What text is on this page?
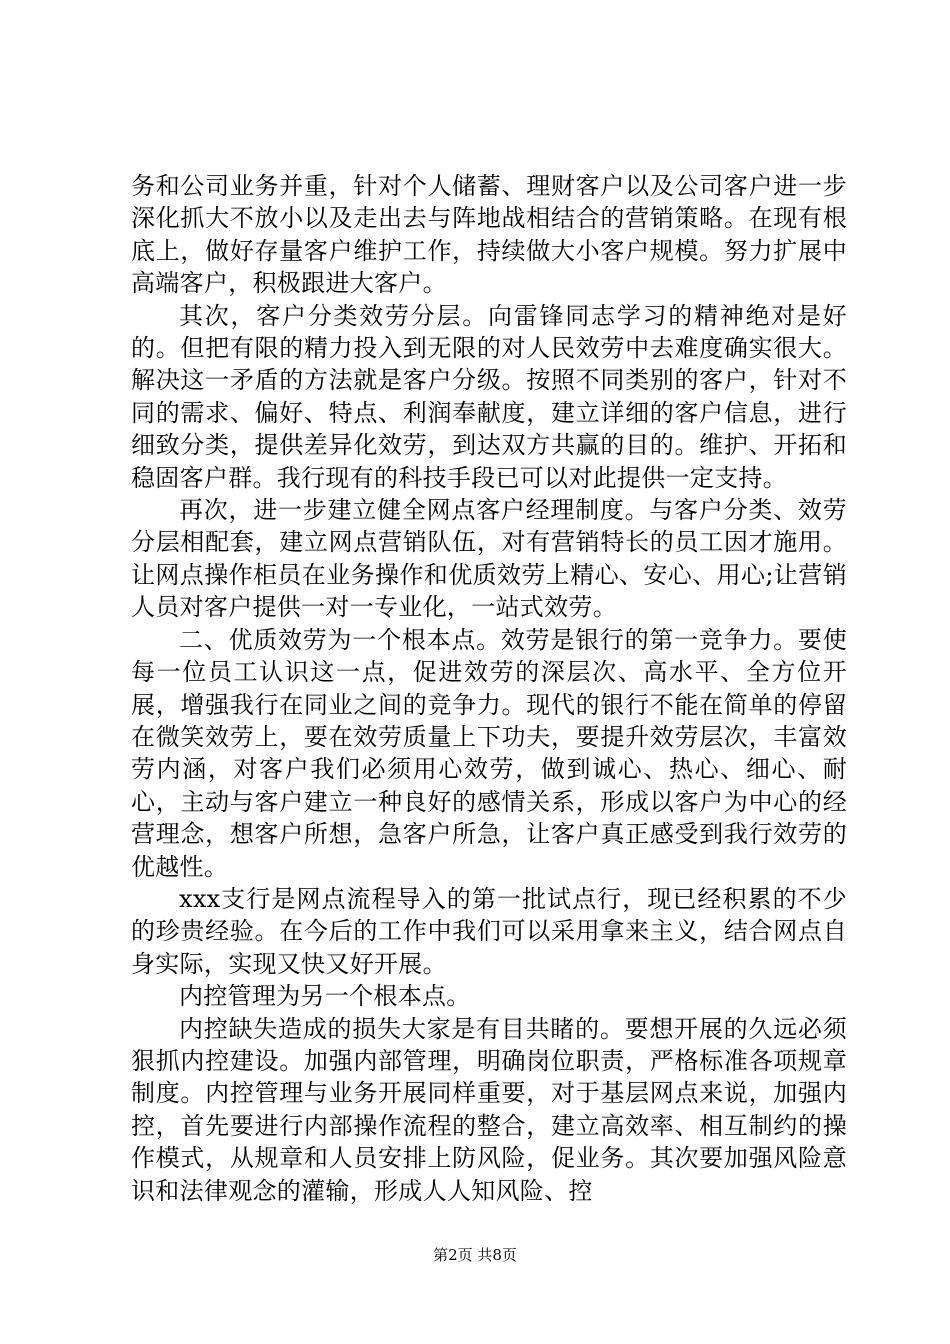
务和公司业务并重，针对个人储蓄、理财客户以及公司客户进一步深化抓大不放小以及走出去与阵地战相结合的营销策略。在现有根底上，做好存量客户维护工作，持续做大小客户规模。努力扩展中高端客户，积极跟进大客户。

其次，客户分类效劳分层。向雷锋同志学习的精神绝对是好的。但把有限的精力投入到无限的对人民效劳中去难度确实很大。解决这一矛盾的方法就是客户分级。按照不同类别的客户，针对不同的需求、偏好、特点、利润奉献度，建立详细的客户信息，进行细致分类，提供差异化效劳，到达双方共赢的目的。维护、开拓和稳固客户群。我行现有的科技手段已可以对此提供一定支持。

再次，进一步建立健全网点客户经理制度。与客户分类、效劳分层相配套，建立网点营销队伍，对有营销特长的员工因才施用。让网点操作柜员在业务操作和优质效劳上精心、安心、用心;让营销人员对客户提供一对一专业化，一站式效劳。

二、优质效劳为一个根本点。效劳是银行的第一竞争力。要使每一位员工认识这一点，促进效劳的深层次、高水平、全方位开展，增强我行在同业之间的竞争力。现代的银行不能在简单的停留在微笑效劳上，要在效劳质量上下功夫，要提升效劳层次，丰富效劳内涵，对客户我们必须用心效劳，做到诚心、热心、细心、耐心，主动与客户建立一种良好的感情关系，形成以客户为中心的经营理念，想客户所想，急客户所急，让客户真正感受到我行效劳的优越性。

xxx支行是网点流程导入的第一批试点行，现已经积累的不少的珍贵经验。在今后的工作中我们可以采用拿来主义，结合网点自身实际，实现又快又好开展。

内控管理为另一个根本点。

内控缺失造成的损失大家是有目共睹的。要想开展的久远必须狠抓内控建设。加强内部管理，明确岗位职责，严格标准各项规章制度。内控管理与业务开展同样重要，对于基层网点来说，加强内控，首先要进行内部操作流程的整合，建立高效率、相互制约的操作模式，从规章和人员安排上防风险，促业务。其次要加强风险意识和法律观念的灌输，形成人人知风险、控

第2页 共8页
